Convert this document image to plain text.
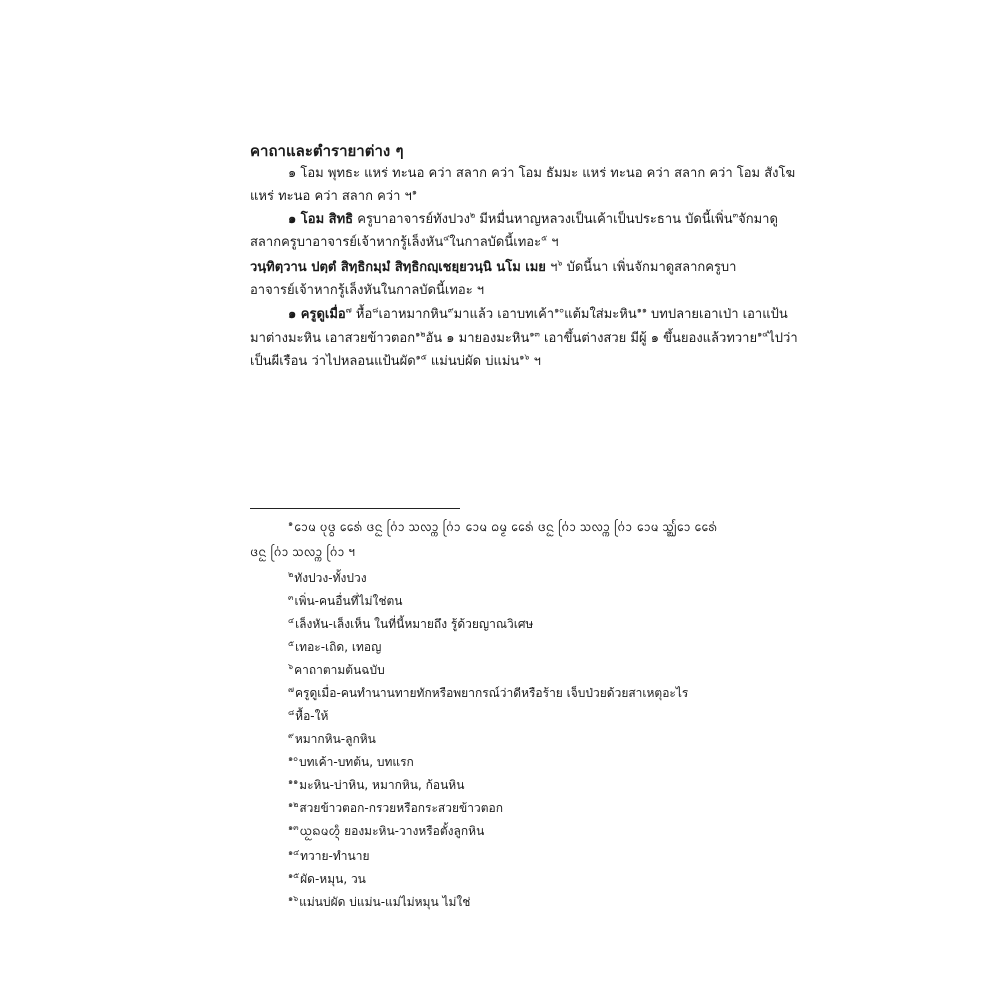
คาถาและตำรายาต่าง ๆ
๑ โอม พุทธะ แหร่ ทะนอ คว่า สลาก คว่า โอม ธัมมะ แหร่ ทะนอ คว่า สลาก คว่า โอม สังโฆ
แหร่ ทะนอ คว่า สลาก คว่า ฯ$^๑$
๑ โอม สิทธิ ครูบาอาจารย์ทังปวง$^๒$ มีหมื่นหาญหลวงเป็นเค้าเป็นประธาน บัดนี้เพิ่น$^๓$จักมาดู
สลากครูบาอาจารย์เจ้าหากรู้เล็งหัน$^๔$ในกาลบัดนี้เทอะ$^๕$ ฯ
วนฺทิตฺวาน ปตฺตํ สิทฺธิกมฺมํ สิทฺธิกญฺเชยฺยวนฺนิ นโม เมย ฯ$^๖$ บัดนี้นา เพิ่นจักมาดูสลากครูบา
อาจารย์เจ้าหากรู้เล็งหันในกาลบัดนี้เทอะ ฯ
๑ ครูดูเมื่อ$^๗$ หื้อ$^๘$เอาหมากหิน$^๙$มาแล้ว เอาบทเค้า$^{๑๐}$แต้มใส่มะหิน$^{๑๑}$ บทปลายเอาเป่า เอาแป้น
มาต่างมะหิน เอาสวยข้าวตอก$^{๑๒}$อัน ๑ มายองมะหิน$^{๑๓}$ เอาขึ้นต่างสวย มีผู้ ๑ ขึ้นยองแล้วทวาย$^{๑๔}$ไปว่า
เป็นผีเรือน ว่าไปหลอนแป้นผัด$^{๑๕}$ แม่นบ่ผัด บ่แม่น$^{๑๖}$ ฯ
$^๑$ᩮᩣᨾ ᨷᩩᨴ᩠ᨵ ᩁᩯ᩵ ᨴᨶᩬ ᨣᩕ᩵ᩣ ᩈᩃᩣ᩠ᨠ ᨣᩕ᩵ᩣ ᩮᩣᨾ ᨵᨾ᩠ᨾ ᩁᩯ᩵ ᨴᨶᩬ ᨣᩕ᩵ᩣ ᩈᩃᩣ᩠ᨠ ᨣᩕ᩵ᩣ ᩮᩣᨾ ᩈᩘ᩠ᨥᩮᩣ ᩁᩯ᩵
ᨴᨶᩬ ᨣᩕ᩵ᩣ ᩈᩃᩣ᩠ᨠ ᨣᩕ᩵ᩣ ฯ
$^๒$ทังปวง-ทั้งปวง
$^๓$เพิ่น-คนอื่นที่ไม่ใช่ตน
$^๔$เล็งหัน-เล็งเห็น ในที่นี้หมายถึง รู้ด้วยญาณวิเศษ
$^๕$เทอะ-เถิด, เทอญ
$^๖$คาถาตามต้นฉบับ
$^๗$ครูดูเมื่อ-คนทำนานทายทักหรือพยากรณ์ว่าดีหรือร้าย เจ็บป่วยด้วยสาเหตุอะไร
$^๘$หื้อ-ให้
$^๙$หมากหิน-ลูกหิน
$^{๑๐}$บทเค้า-บทต้น, บทแรก
$^{๑๑}$มะหิน-บ่าหิน, หมากหิน, ก้อนหิน
$^{๑๒}$สวยข้าวตอก-กรวยหรือกระสวยข้าวตอก
$^{๑๓}$ᨿᩬᨦᨾᩉᩥ᩠ᨶ ยองมะหิน-วางหรือตั้งลูกหิน
$^{๑๔}$ทวาย-ทำนาย
$^{๑๕}$ผัด-หมุน, วน
$^{๑๖}$แม่นบ่ผัด บ่แม่น-แม่ไม่หมุน ไม่ใช่
